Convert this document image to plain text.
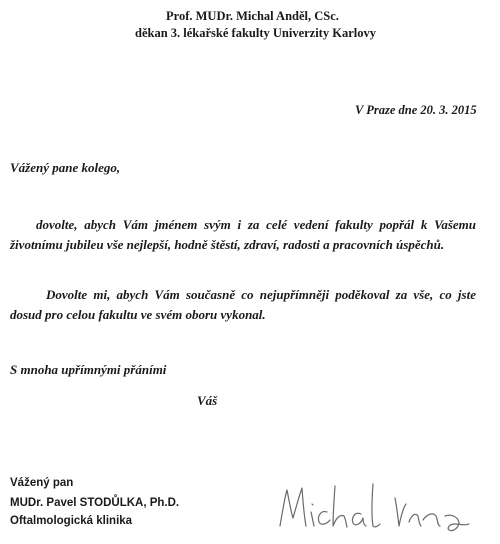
Prof. MUDr. Michal Anděl, CSc.
děkan 3. lékařské fakulty Univerzity Karlovy
V Praze dne 20. 3. 2015
Vážený pane kolego,
dovolte, abych Vám jménem svým i za celé vedení fakulty popřál k Vašemu životnímu jubileu vše nejlepší, hodně štěstí, zdraví, radosti a pracovních úspěchů.
Dovolte mi, abych Vám současně co nejupřímněji poděkoval za vše, co jste dosud pro celou fakultu ve svém oboru vykonal.
S mnoha upřímnými přáními
Váš
Vážený pan
MUDr. Pavel STODŮLKA, Ph.D.
Oftalmologická klinika
